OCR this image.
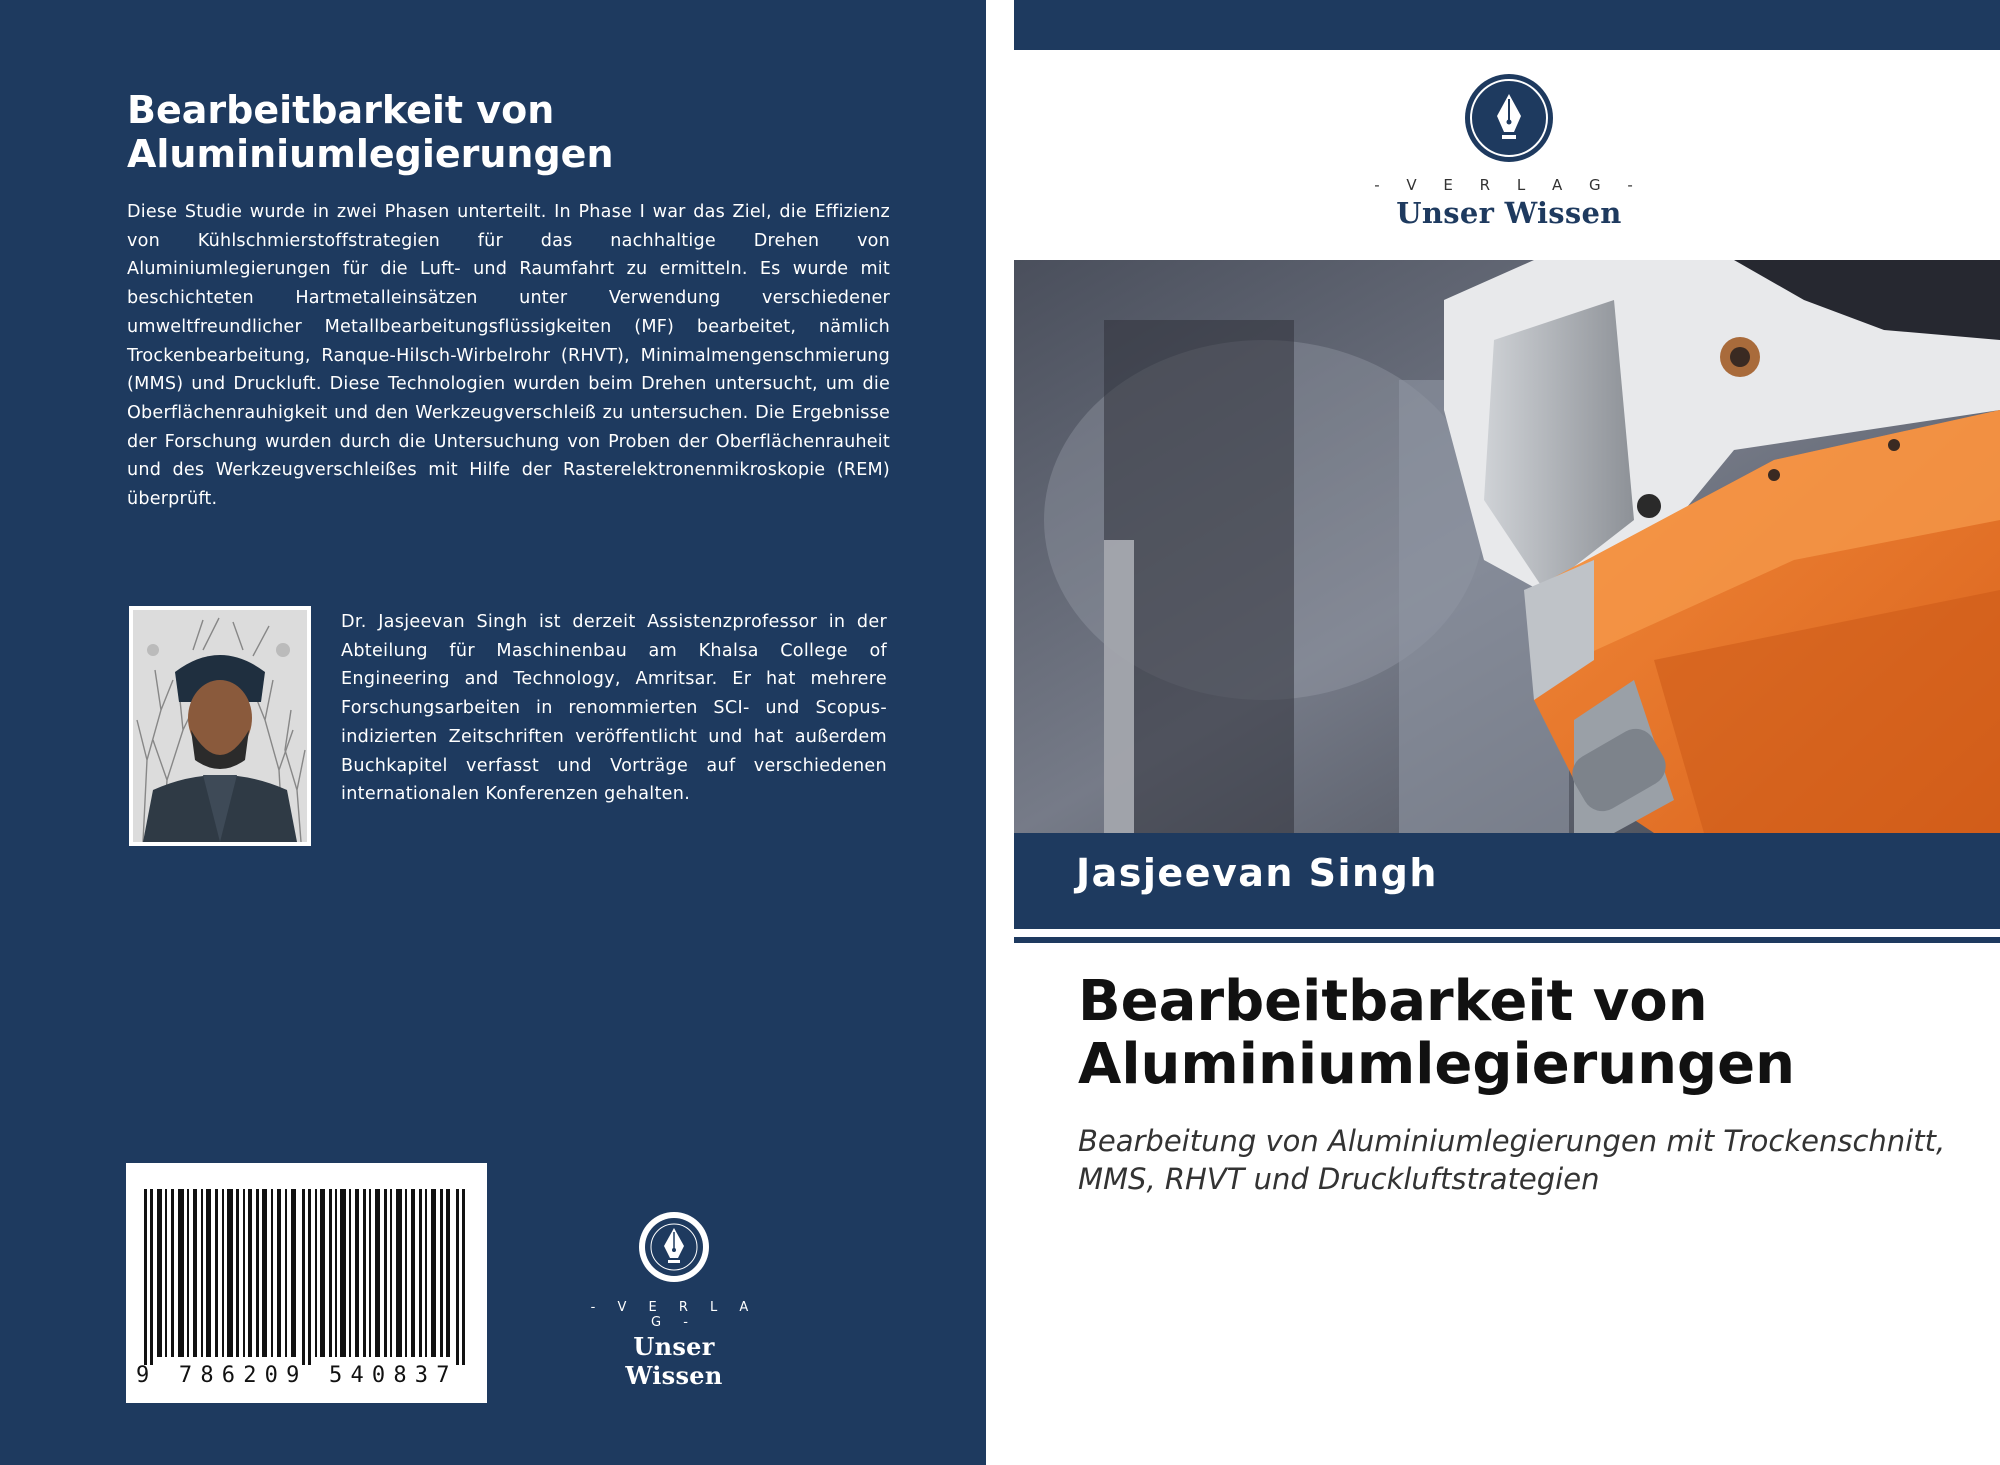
Bearbeitbarkeit von Aluminiumlegierungen

Diese Studie wurde in zwei Phasen unterteilt. In Phase I war das Ziel, die Effizienz von Kühlschmierstoffstrategien für das nachhaltige Drehen von Aluminiumlegierungen für die Luft- und Raumfahrt zu ermitteln. Es wurde mit beschichteten Hartmetalleinsätzen unter Verwendung verschiedener umweltfreundlicher Metallbearbeitungsflüssigkeiten (MF) bearbeitet, nämlich Trockenbearbeitung, Ranque-Hilsch-Wirbelrohr (RHVT), Minimalmengenschmierung (MMS) und Druckluft. Diese Technologien wurden beim Drehen untersucht, um die Oberflächenrauhigkeit und den Werkzeugverschleiß zu untersuchen. Die Ergebnisse der Forschung wurden durch die Untersuchung von Proben der Oberflächenrauheit und des Werkzeugverschleißes mit Hilfe der Rasterelektronenmikroskopie (REM) überprüft.

Dr. Jasjeevan Singh ist derzeit Assistenzprofessor in der Abteilung für Maschinenbau am Khalsa College of Engineering and Technology, Amritsar. Er hat mehrere Forschungsarbeiten in renommierten SCI- und Scopus-indizierten Zeitschriften veröffentlicht und hat außerdem Buchkapitel verfasst und Vorträge auf verschiedenen internationalen Konferenzen gehalten.

9 786209 540837
- V E R L A G -
Unser Wissen
- V E R L A G -
Unser Wissen
Jasjeevan Singh
Bearbeitbarkeit von Aluminiumlegierungen

Bearbeitung von Aluminiumlegierungen mit Trockenschnitt, MMS, RHVT und Druckluftstrategien
